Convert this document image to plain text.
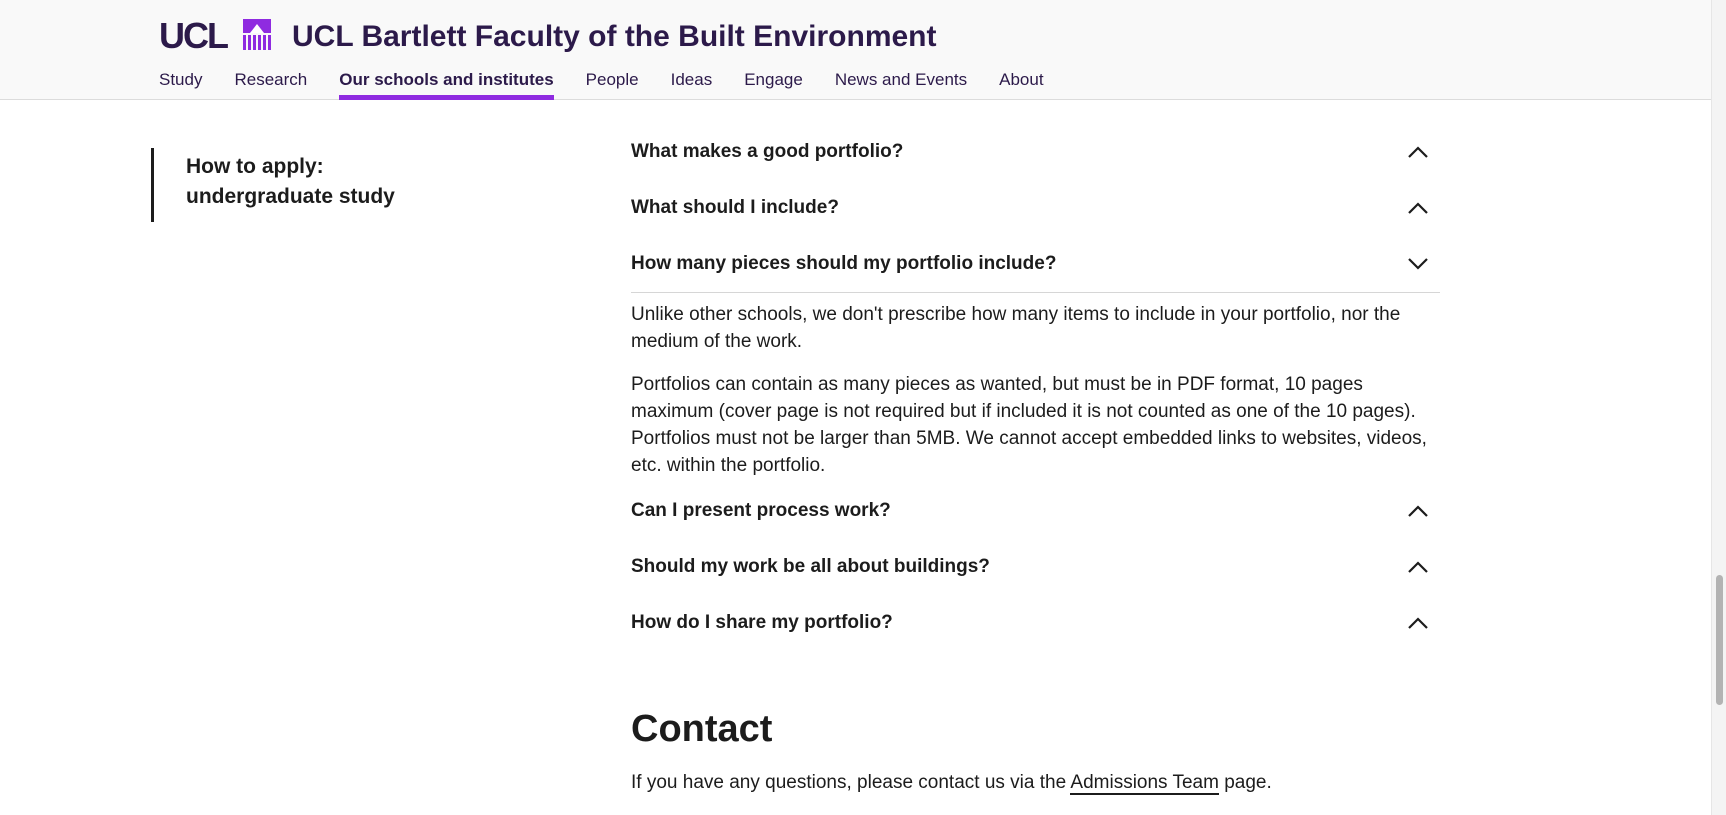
UCL UCL Bartlett Faculty of the Built Environment
Study Research Our schools and institutes People Ideas Engage News and Events About
How to apply:
undergraduate study
What makes a good portfolio?
What should I include?
How many pieces should my portfolio include?

Unlike other schools, we don't prescribe how many items to include in your portfolio, nor the medium of the work.

Portfolios can contain as many pieces as wanted, but must be in PDF format, 10 pages maximum (cover page is not required but if included it is not counted as one of the 10 pages). Portfolios must not be larger than 5MB. We cannot accept embedded links to websites, videos, etc. within the portfolio.

Can I present process work?
Should my work be all about buildings?
How do I share my portfolio?
Contact

If you have any questions, please contact us via the Admissions Team page.
